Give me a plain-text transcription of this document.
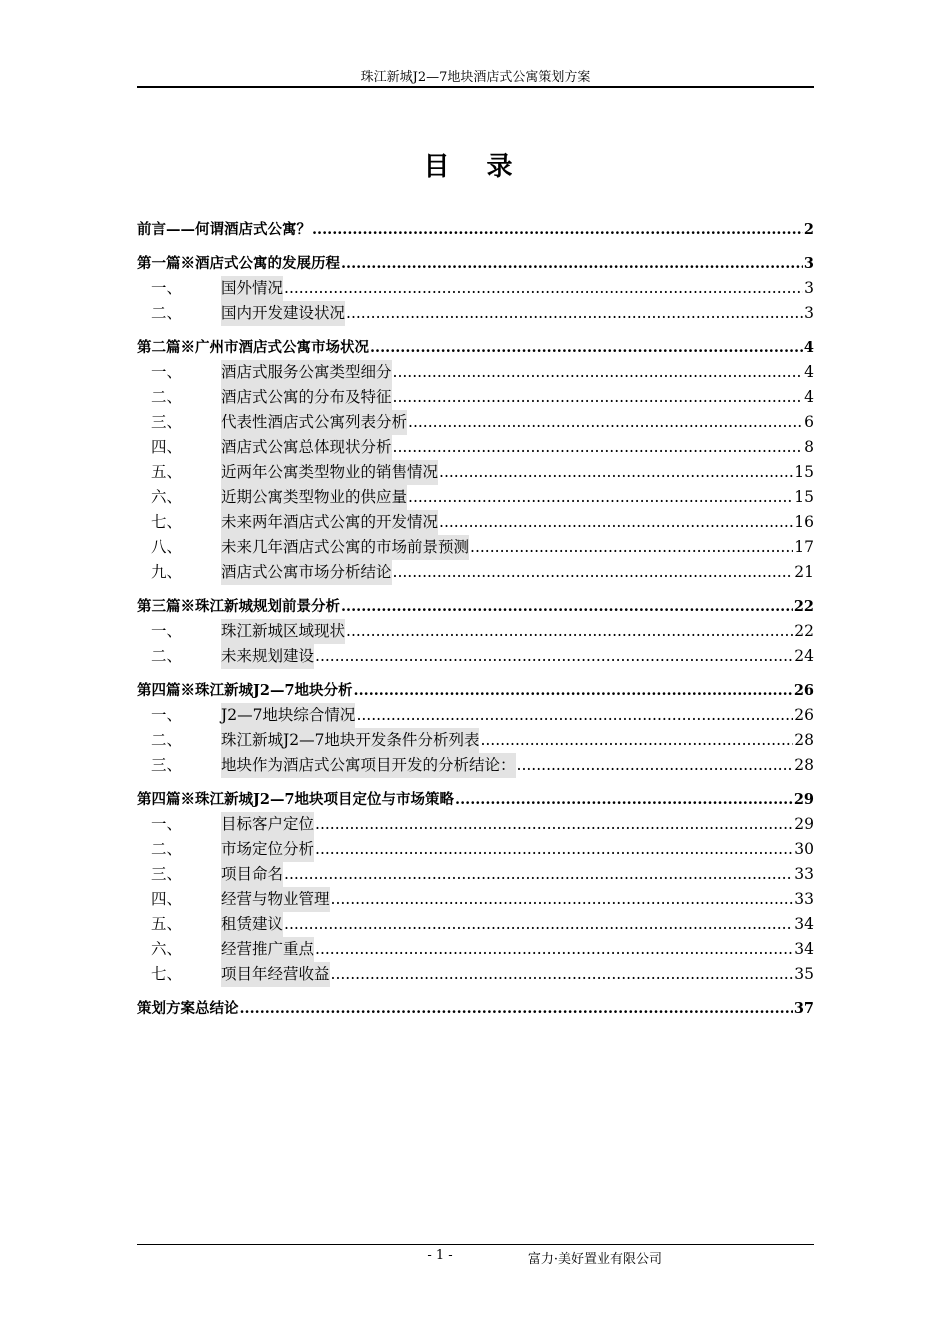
珠江新城J2—7地块酒店式公寓策划方案
目 录
前言——何谓酒店式公寓？ .....	2
第一篇※酒店式公寓的发展历程 .....	3
一、	国外情况 .....	3
二、	国内开发建设状况 .....	3
第二篇※广州市酒店式公寓市场状况 .....	4
一、	酒店式服务公寓类型细分 .....	4
二、	酒店式公寓的分布及特征 .....	4
三、	代表性酒店式公寓列表分析 .....	6
四、	酒店式公寓总体现状分析 .....	8
五、	近两年公寓类型物业的销售情况 .....	15
六、	近期公寓类型物业的供应量 .....	15
七、	未来两年酒店式公寓的开发情况 .....	16
八、	未来几年酒店式公寓的市场前景预测 .....	17
九、	酒店式公寓市场分析结论 .....	21
第三篇※珠江新城规划前景分析 .....	22
一、	珠江新城区域现状 .....	22
二、	未来规划建设 .....	24
第四篇※珠江新城J2—7地块分析 .....	26
一、	J2—7地块综合情况 .....	26
二、	珠江新城J2—7地块开发条件分析列表 .....	28
三、	地块作为酒店式公寓项目开发的分析结论： .....	28
第四篇※珠江新城J2—7地块项目定位与市场策略 .....	29
一、	目标客户定位 .....	29
二、	市场定位分析 .....	30
三、	项目命名 .....	33
四、	经营与物业管理 .....	33
五、	租赁建议 .....	34
六、	经营推广重点 .....	34
七、	项目年经营收益 .....	35
策划方案总结论 .....	37
- 1 -	富力·美好置业有限公司
